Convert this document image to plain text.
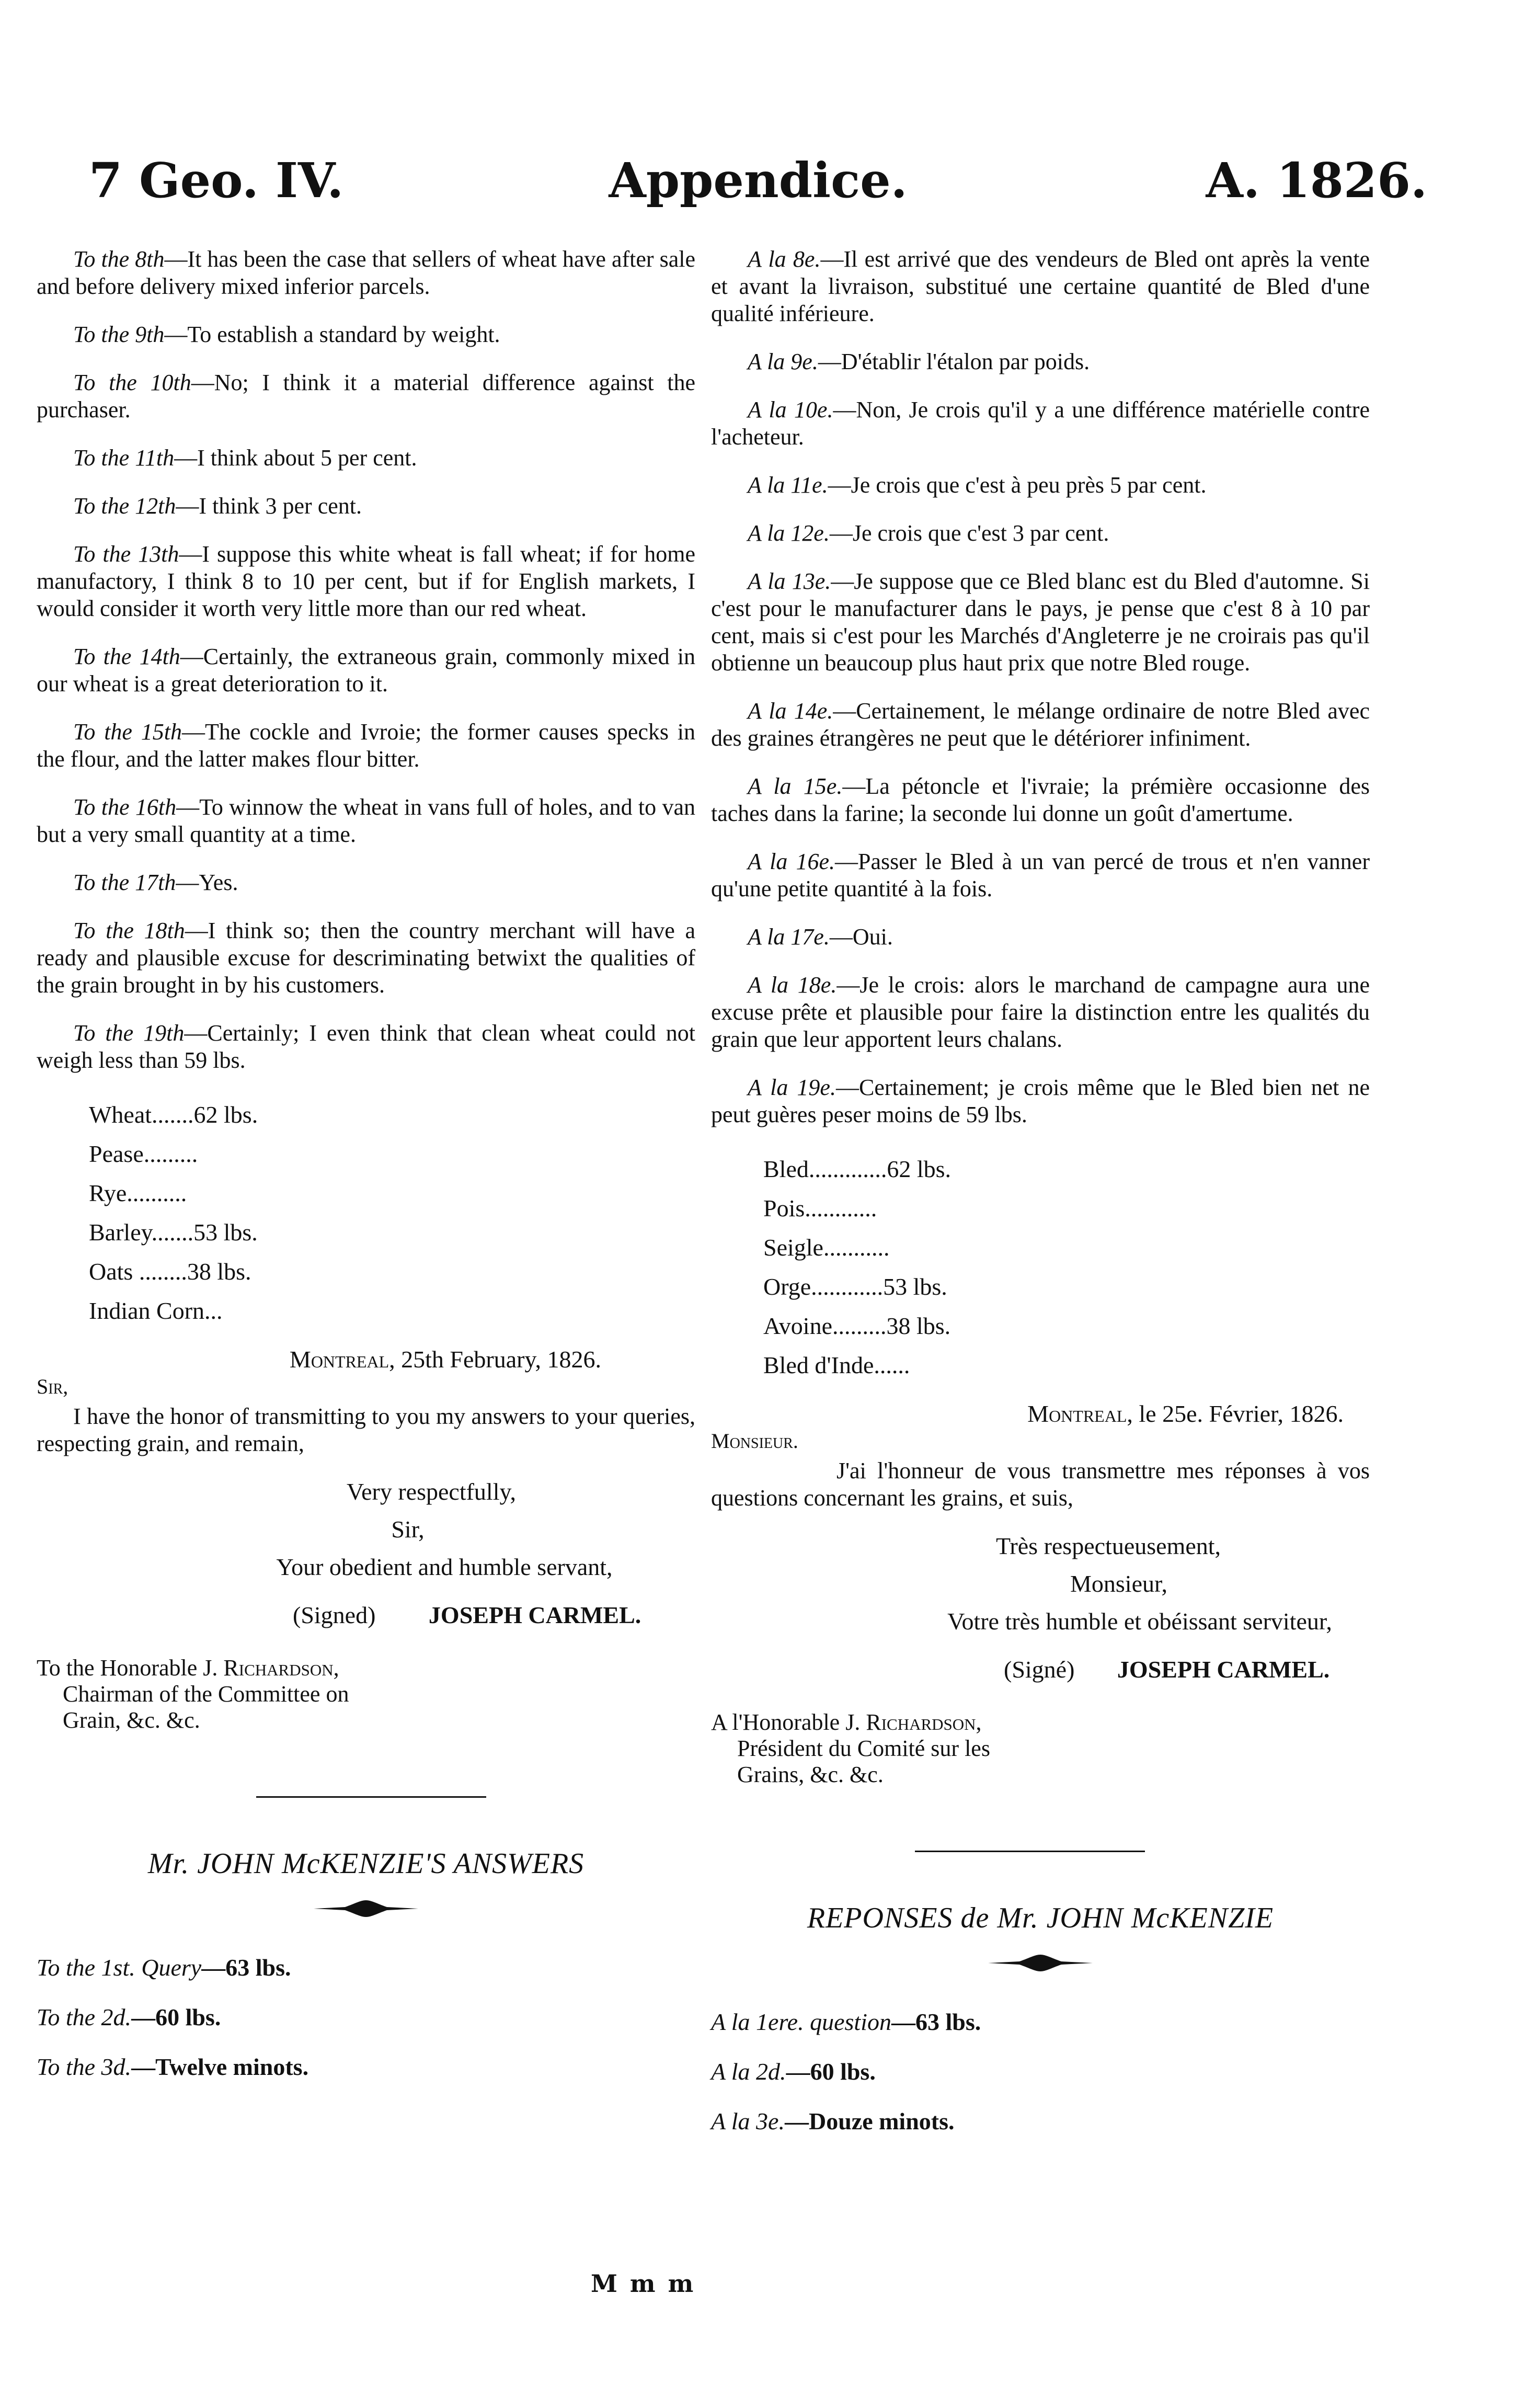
7 Geo. IV.	Appendice.	A. 1826.

To the 8th—It has been the case that sellers of wheat have after sale and before delivery mixed inferior parcels.

To the 9th—To establish a standard by weight.

To the 10th—No; I think it a material difference against the purchaser.

To the 11th—I think about 5 per cent.

To the 12th—I think 3 per cent.

To the 13th—I suppose this white wheat is fall wheat; if for home manufactory, I think 8 to 10 per cent, but if for English markets, I would consider it worth very little more than our red wheat.

To the 14th—Certainly, the extraneous grain, commonly mixed in our wheat is a great deterioration to it.

To the 15th—The cockle and Ivroie; the former causes specks in the flour, and the latter makes flour bitter.

To the 16th—To winnow the wheat in vans full of holes, and to van but a very small quantity at a time.

To the 17th—Yes.

To the 18th—I think so; then the country merchant will have a ready and plausible excuse for descriminating betwixt the qualities of the grain brought in by his customers.

To the 19th—Certainly; I even think that clean wheat could not weigh less than 59 lbs.

Wheat.......62 lbs.
Pease.........
Rye..........
Barley.......53 lbs.
Oats ........38 lbs.
Indian Corn...
Montreal, 25th February, 1826.
Sir,

I have the honor of transmitting to you my answers to your queries, respecting grain, and remain,

Very respectfully,
Sir,
Your obedient and humble servant,
(Signed) JOSEPH CARMEL.
To the Honorable J. Richardson,
Chairman of the Committee on
Grain, &c. &c.
Mr. JOHN McKENZIE'S ANSWERS

To the 1st. Query—63 lbs.

To the 2d.—60 lbs.

To the 3d.—Twelve minots.

A la 8e.—Il est arrivé que des vendeurs de Bled ont après la vente et avant la livraison, substitué une certaine quantité de Bled d'une qualité inférieure.

A la 9e.—D'établir l'étalon par poids.

A la 10e.—Non, Je crois qu'il y a une différence matérielle contre l'acheteur.

A la 11e.—Je crois que c'est à peu près 5 par cent.

A la 12e.—Je crois que c'est 3 par cent.

A la 13e.—Je suppose que ce Bled blanc est du Bled d'automne. Si c'est pour le manufacturer dans le pays, je pense que c'est 8 à 10 par cent, mais si c'est pour les Marchés d'Angleterre je ne croirais pas qu'il obtienne un beaucoup plus haut prix que notre Bled rouge.

A la 14e.—Certainement, le mélange ordinaire de notre Bled avec des graines étrangères ne peut que le détériorer infiniment.

A la 15e.—La pétoncle et l'ivraie; la prémière occasionne des taches dans la farine; la seconde lui donne un goût d'amertume.

A la 16e.—Passer le Bled à un van percé de trous et n'en vanner qu'une petite quantité à la fois.

A la 17e.—Oui.

A la 18e.—Je le crois: alors le marchand de campagne aura une excuse prête et plausible pour faire la distinction entre les qualités du grain que leur apportent leurs chalans.

A la 19e.—Certainement; je crois même que le Bled bien net ne peut guères peser moins de 59 lbs.

Bled.............62 lbs.
Pois............
Seigle...........
Orge............53 lbs.
Avoine.........38 lbs.
Bled d'Inde......
Montreal, le 25e. Février, 1826.
Monsieur.

J'ai l'honneur de vous transmettre mes réponses à vos questions concernant les grains, et suis,

Très respectueusement,
Monsieur,
Votre très humble et obéissant serviteur,
(Signé) JOSEPH CARMEL.
A l'Honorable J. Richardson,
Président du Comité sur les
Grains, &c. &c.
REPONSES de Mr. JOHN McKENZIE

A la 1ere. question—63 lbs.

A la 2d.—60 lbs.

A la 3e.—Douze minots.

M m m
